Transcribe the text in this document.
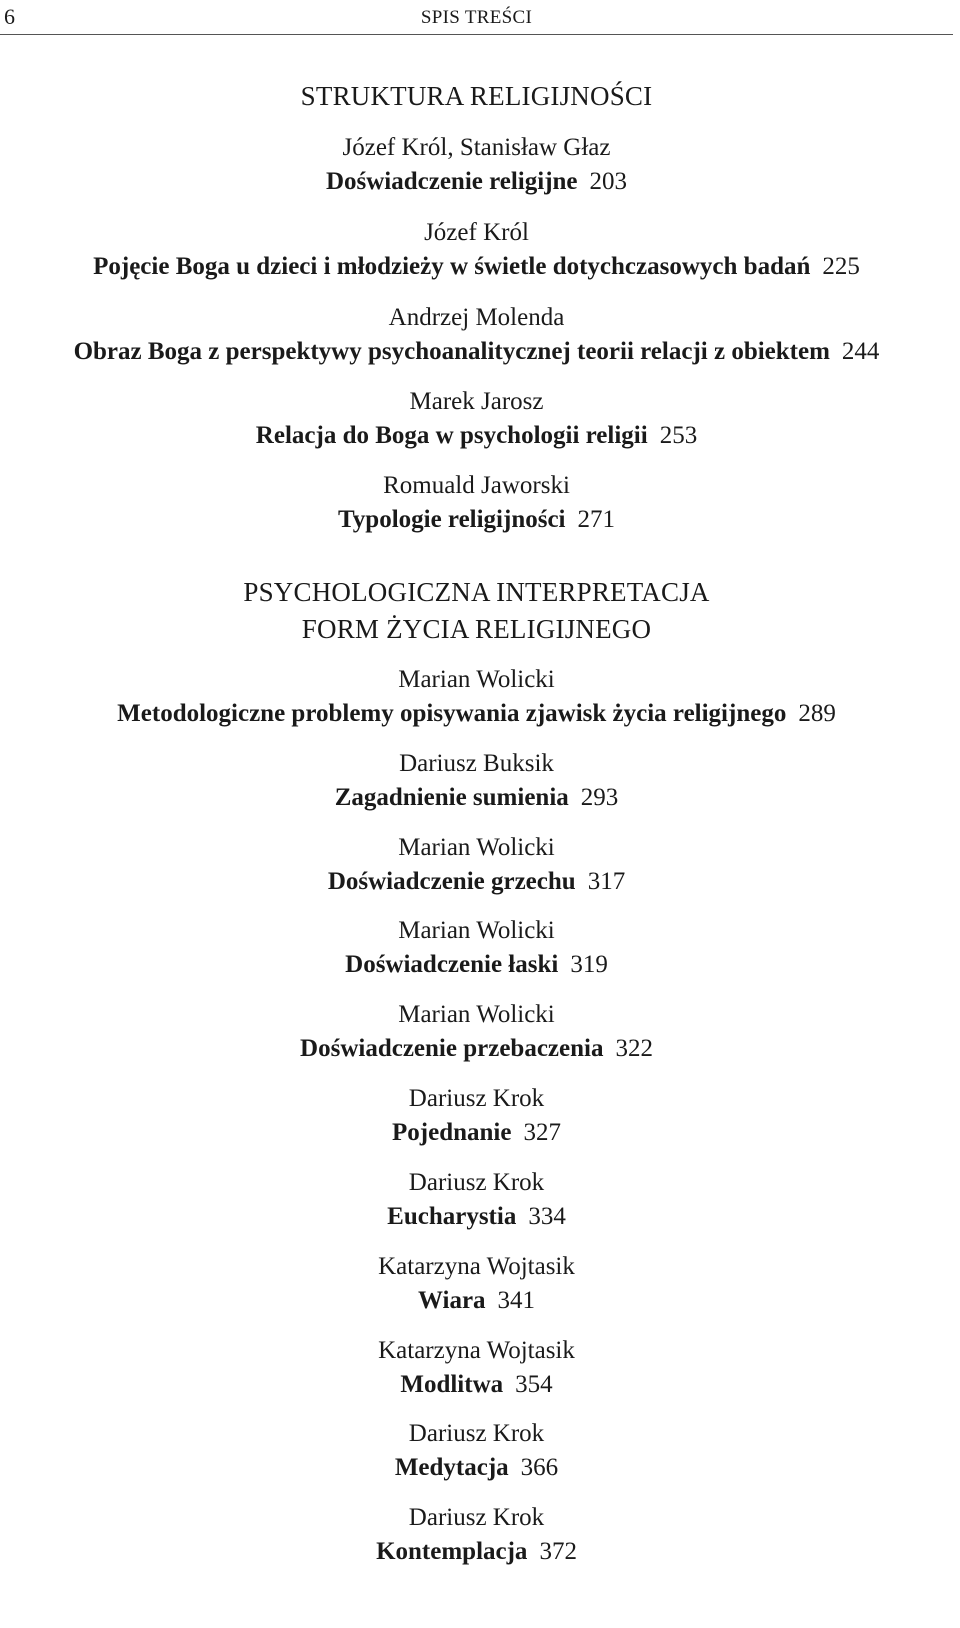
6	SPIS TREŚCI
STRUKTURA RELIGIJNOŚCI
Józef Król, Stanisław Głaz
Doświadczenie religijne 203
Józef Król
Pojęcie Boga u dzieci i młodzieży w świetle dotychczasowych badań 225
Andrzej Molenda
Obraz Boga z perspektywy psychoanalitycznej teorii relacji z obiektem 244
Marek Jarosz
Relacja do Boga w psychologii religii 253
Romuald Jaworski
Typologie religijności 271
PSYCHOLOGICZNA INTERPRETACJA
FORM ŻYCIA RELIGIJNEGO
Marian Wolicki
Metodologiczne problemy opisywania zjawisk życia religijnego 289
Dariusz Buksik
Zagadnienie sumienia 293
Marian Wolicki
Doświadczenie grzechu 317
Marian Wolicki
Doświadczenie łaski 319
Marian Wolicki
Doświadczenie przebaczenia 322
Dariusz Krok
Pojednanie 327
Dariusz Krok
Eucharystia 334
Katarzyna Wojtasik
Wiara 341
Katarzyna Wojtasik
Modlitwa 354
Dariusz Krok
Medytacja 366
Dariusz Krok
Kontemplacja 372
